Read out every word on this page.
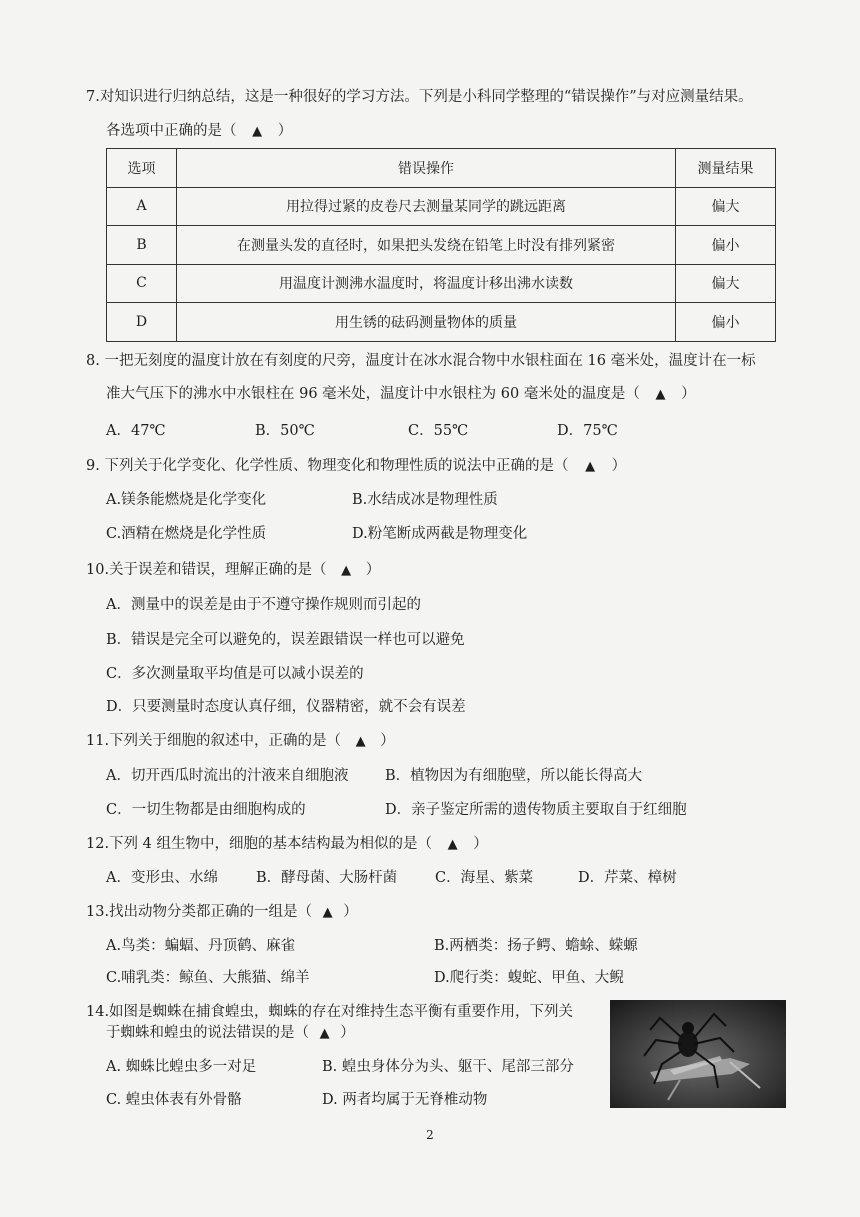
7.对知识进行归纳总结，这是一种很好的学习方法。下列是小科同学整理的“错误操作”与对应测量结果。
各选项中正确的是（ ▲ ）
选项	错误操作	测量结果
A	用拉得过紧的皮卷尺去测量某同学的跳远距离	偏大
B	在测量头发的直径时，如果把头发绕在铅笔上时没有排列紧密	偏小
C	用温度计测沸水温度时，将温度计移出沸水读数	偏大
D	用生锈的砝码测量物体的质量	偏小
8. 一把无刻度的温度计放在有刻度的尺旁，温度计在冰水混合物中水银柱面在 16 毫米处，温度计在一标
准大气压下的沸水中水银柱在 96 毫米处，温度计中水银柱为 60 毫米处的温度是（ ▲ ）
A．47℃	B．50℃	C．55℃	D．75℃
9. 下列关于化学变化、化学性质、物理变化和物理性质的说法中正确的是（ ▲ ）
A.镁条能燃烧是化学变化	B.水结成冰是物理性质
C.酒精在燃烧是化学性质	D.粉笔断成两截是物理变化
10.关于误差和错误，理解正确的是（ ▲ ）
A．测量中的误差是由于不遵守操作规则而引起的
B．错误是完全可以避免的，误差跟错误一样也可以避免
C．多次测量取平均值是可以减小误差的
D．只要测量时态度认真仔细，仪器精密，就不会有误差
11.下列关于细胞的叙述中，正确的是（ ▲ ）
A．切开西瓜时流出的汁液来自细胞液	B．植物因为有细胞壁，所以能长得高大
C．一切生物都是由细胞构成的	D．亲子鉴定所需的遗传物质主要取自于红细胞
12.下列 4 组生物中，细胞的基本结构最为相似的是（ ▲ ）
A．变形虫、水绵	B．酵母菌、大肠杆菌	C．海星、紫菜	D．芹菜、樟树
13.找出动物分类都正确的一组是（ ▲ ）
A.鸟类：蝙蝠、丹顶鹤、麻雀	B.两栖类：扬子鳄、蟾蜍、蝾螈
C.哺乳类：鲸鱼、大熊猫、绵羊	D.爬行类：蝮蛇、甲鱼、大鲵
14.如图是蜘蛛在捕食蝗虫，蜘蛛的存在对维持生态平衡有重要作用，下列关
于蜘蛛和蝗虫的说法错误的是（ ▲ ）
A. 蜘蛛比蝗虫多一对足	B. 蝗虫身体分为头、躯干、尾部三部分
C. 蝗虫体表有外骨骼	D. 两者均属于无脊椎动物
2
